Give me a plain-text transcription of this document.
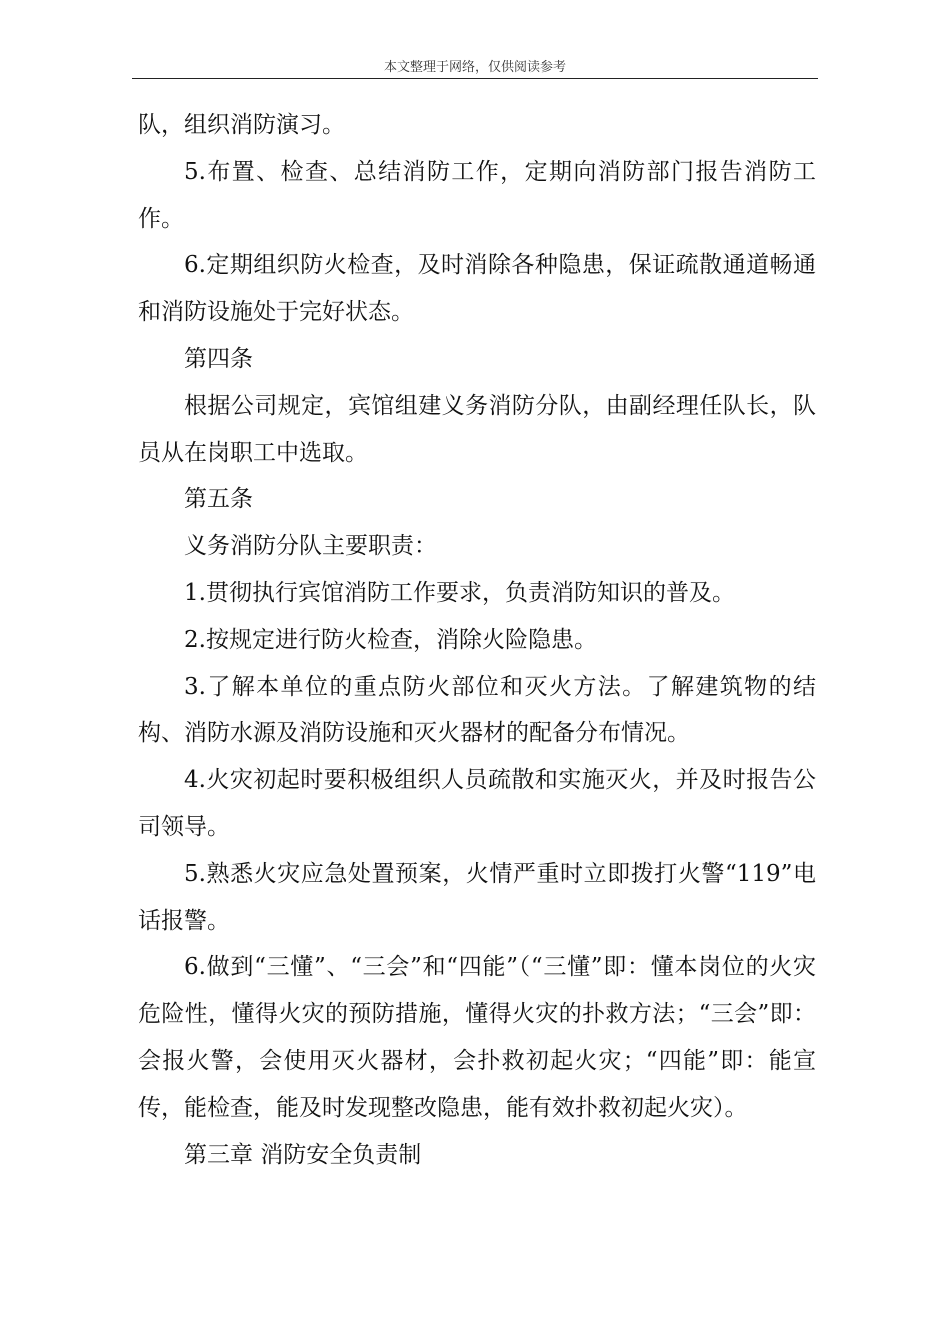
本文整理于网络，仅供阅读参考

队，组织消防演习。

5.布置、检查、总结消防工作，定期向消防部门报告消防工作。

6.定期组织防火检查，及时消除各种隐患，保证疏散通道畅通和消防设施处于完好状态。

第四条

根据公司规定，宾馆组建义务消防分队，由副经理任队长，队员从在岗职工中选取。

第五条

义务消防分队主要职责：

1.贯彻执行宾馆消防工作要求，负责消防知识的普及。

2.按规定进行防火检查，消除火险隐患。

3.了解本单位的重点防火部位和灭火方法。了解建筑物的结构、消防水源及消防设施和灭火器材的配备分布情况。

4.火灾初起时要积极组织人员疏散和实施灭火，并及时报告公司领导。

5.熟悉火灾应急处置预案，火情严重时立即拨打火警“119”电话报警。

6.做到“三懂”、“三会”和“四能”（“三懂”即：懂本岗位的火灾危险性，懂得火灾的预防措施，懂得火灾的扑救方法；“三会”即：会报火警，会使用灭火器材，会扑救初起火灾；“四能”即：能宣传，能检查，能及时发现整改隐患，能有效扑救初起火灾）。

第三章 消防安全负责制
